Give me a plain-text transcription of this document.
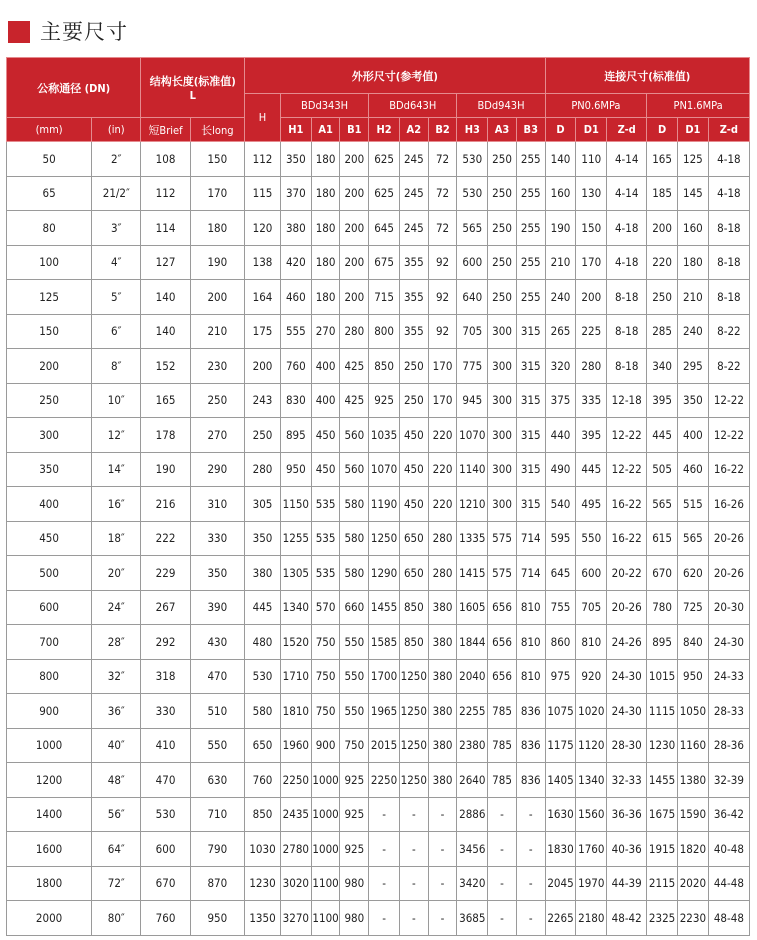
主要尺寸
公称通径 (DN)		结构长度(标准值)
L		外形尺寸(参考值)										连接尺寸(标准值)					
				H	BDd343H			BDd643H			BDd943H			PN0.6MPa			PN1.6MPa		
(mm)	(in)	短Brief	长long		H1	A1	B1	H2	A2	B2	H3	A3	B3	D	D1	Z-d	D	D1	Z-d
50	2″	108	150	112	350	180	200	625	245	72	530	250	255	140	110	4-14	165	125	4-18
65	21/2″	112	170	115	370	180	200	625	245	72	530	250	255	160	130	4-14	185	145	4-18
80	3″	114	180	120	380	180	200	645	245	72	565	250	255	190	150	4-18	200	160	8-18
100	4″	127	190	138	420	180	200	675	355	92	600	250	255	210	170	4-18	220	180	8-18
125	5″	140	200	164	460	180	200	715	355	92	640	250	255	240	200	8-18	250	210	8-18
150	6″	140	210	175	555	270	280	800	355	92	705	300	315	265	225	8-18	285	240	8-22
200	8″	152	230	200	760	400	425	850	250	170	775	300	315	320	280	8-18	340	295	8-22
250	10″	165	250	243	830	400	425	925	250	170	945	300	315	375	335	12-18	395	350	12-22
300	12″	178	270	250	895	450	560	1035	450	220	1070	300	315	440	395	12-22	445	400	12-22
350	14″	190	290	280	950	450	560	1070	450	220	1140	300	315	490	445	12-22	505	460	16-22
400	16″	216	310	305	1150	535	580	1190	450	220	1210	300	315	540	495	16-22	565	515	16-26
450	18″	222	330	350	1255	535	580	1250	650	280	1335	575	714	595	550	16-22	615	565	20-26
500	20″	229	350	380	1305	535	580	1290	650	280	1415	575	714	645	600	20-22	670	620	20-26
600	24″	267	390	445	1340	570	660	1455	850	380	1605	656	810	755	705	20-26	780	725	20-30
700	28″	292	430	480	1520	750	550	1585	850	380	1844	656	810	860	810	24-26	895	840	24-30
800	32″	318	470	530	1710	750	550	1700	1250	380	2040	656	810	975	920	24-30	1015	950	24-33
900	36″	330	510	580	1810	750	550	1965	1250	380	2255	785	836	1075	1020	24-30	1115	1050	28-33
1000	40″	410	550	650	1960	900	750	2015	1250	380	2380	785	836	1175	1120	28-30	1230	1160	28-36
1200	48″	470	630	760	2250	1000	925	2250	1250	380	2640	785	836	1405	1340	32-33	1455	1380	32-39
1400	56″	530	710	850	2435	1000	925	-	-	-	2886	-	-	1630	1560	36-36	1675	1590	36-42
1600	64″	600	790	1030	2780	1000	925	-	-	-	3456	-	-	1830	1760	40-36	1915	1820	40-48
1800	72″	670	870	1230	3020	1100	980	-	-	-	3420	-	-	2045	1970	44-39	2115	2020	44-48
2000	80″	760	950	1350	3270	1100	980	-	-	-	3685	-	-	2265	2180	48-42	2325	2230	48-48
